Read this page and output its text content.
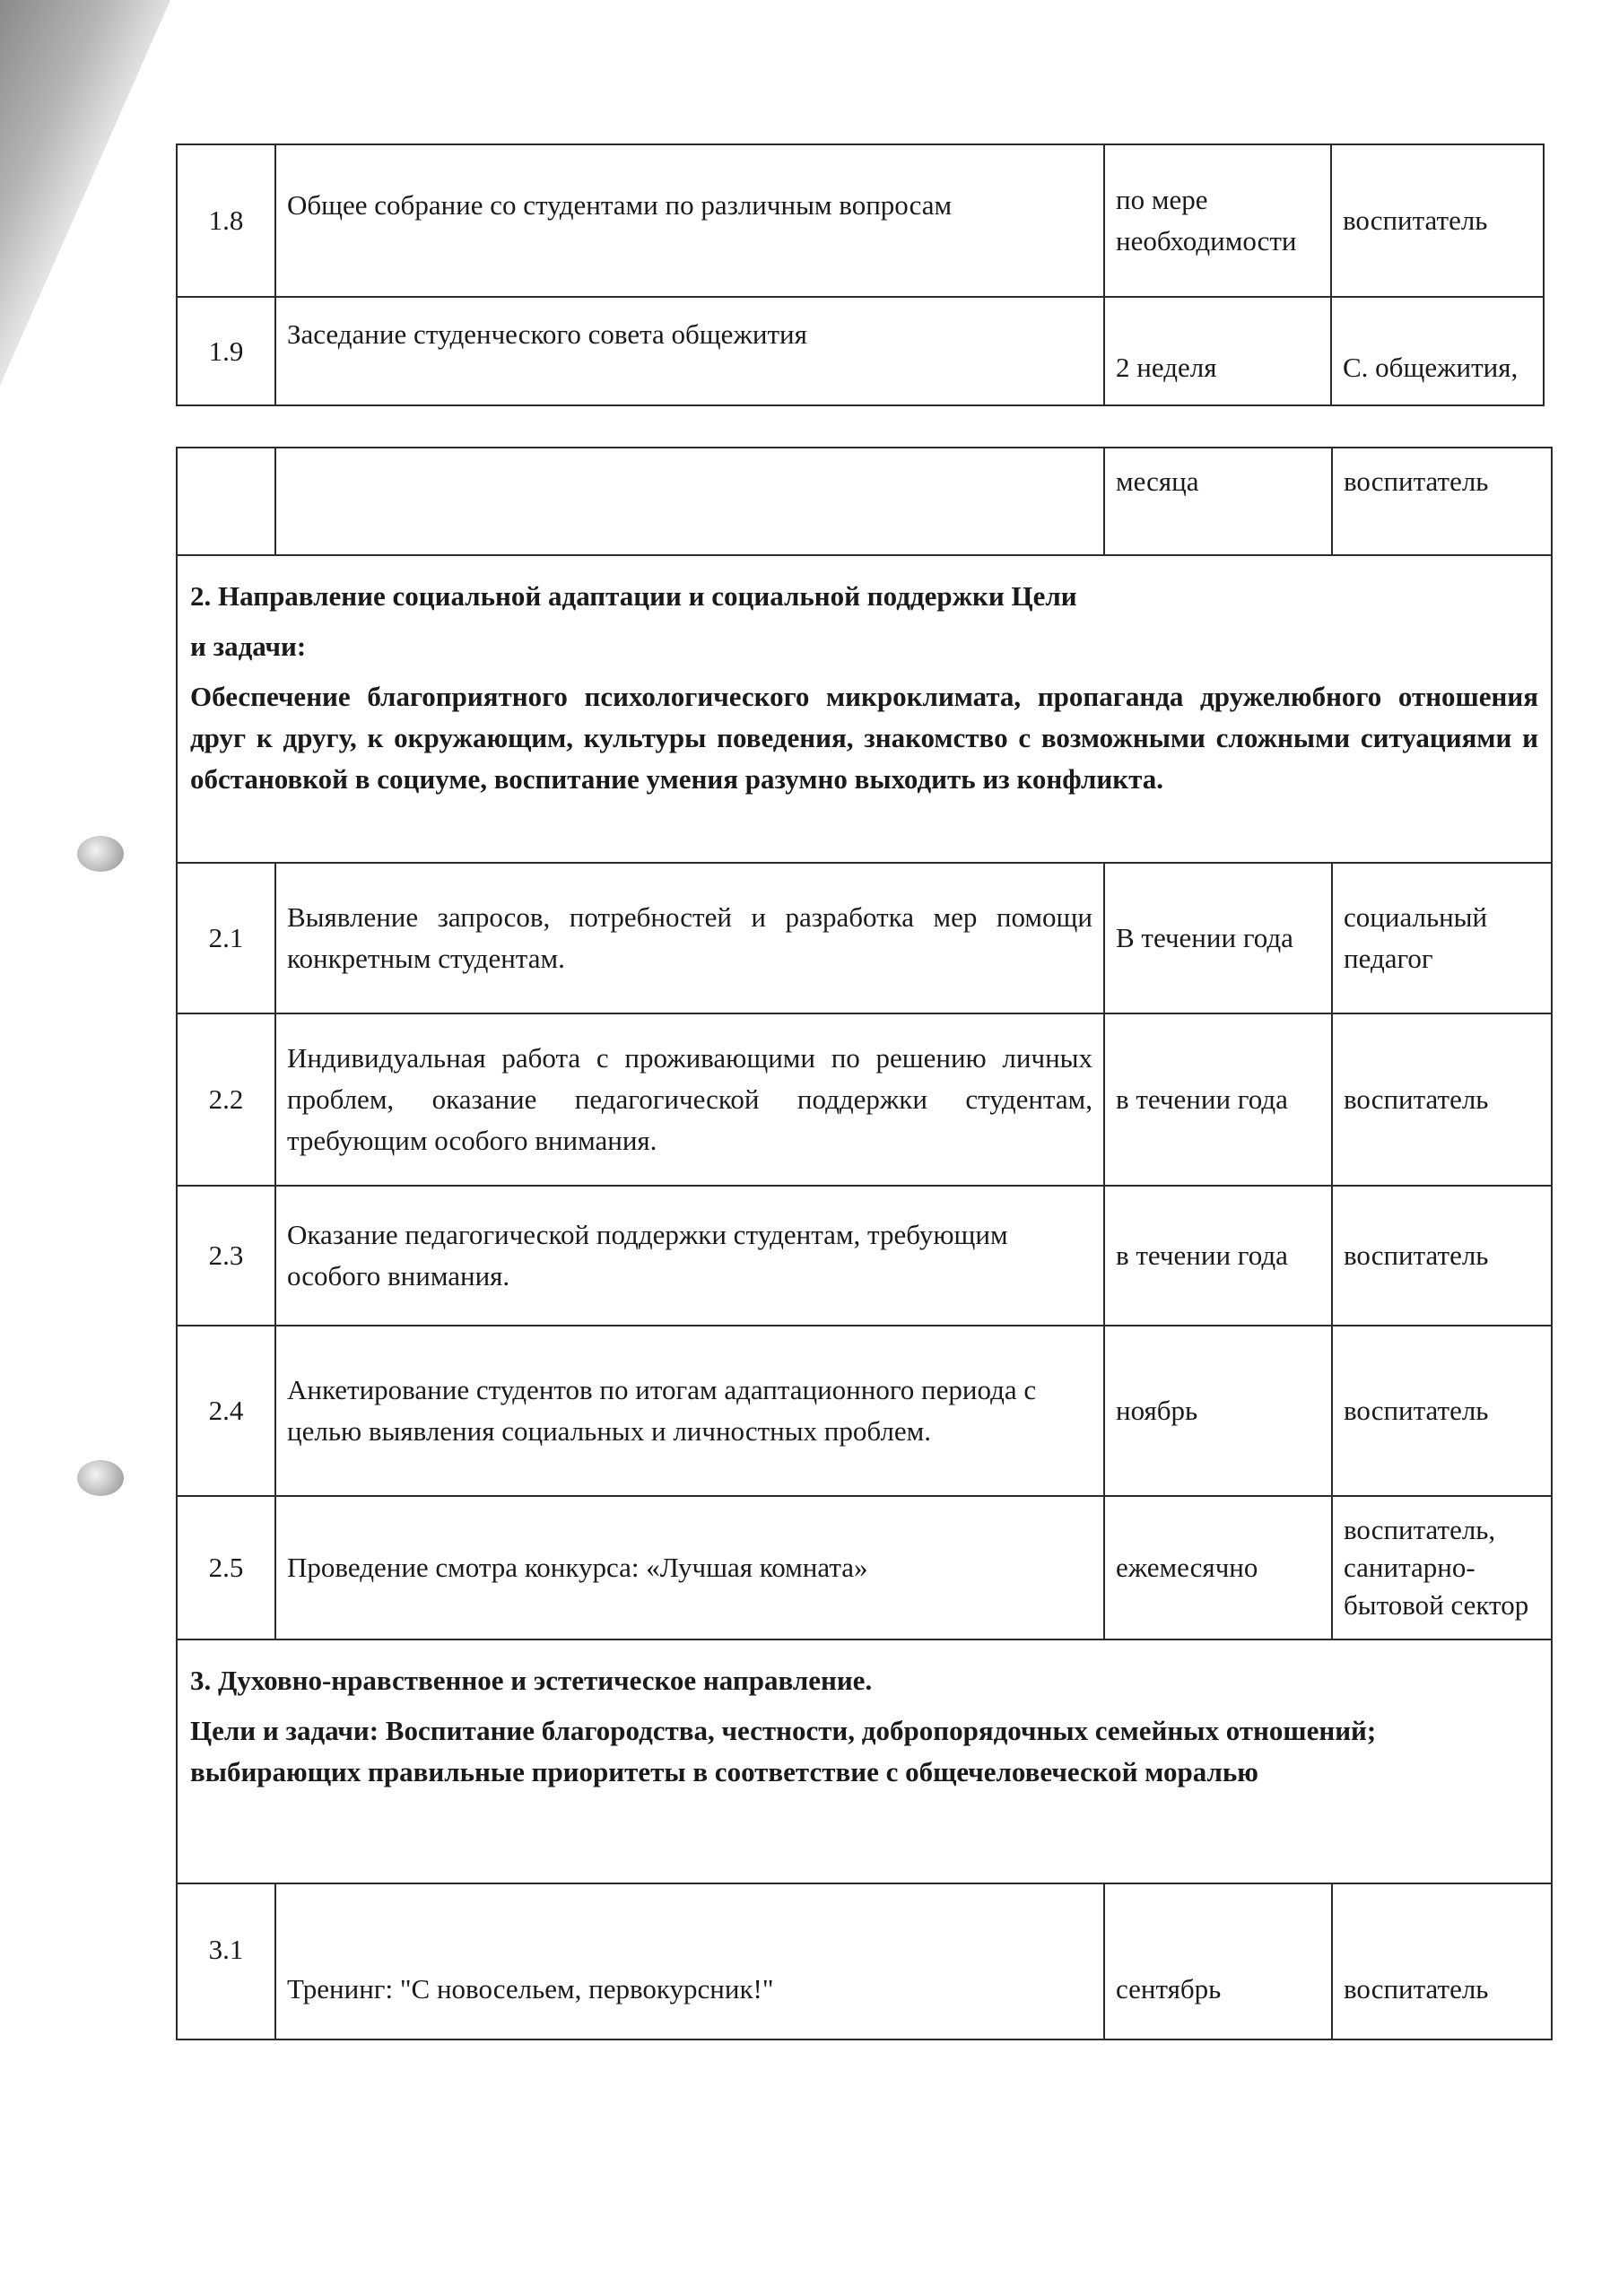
1.8	Общее собрание со студентами по различным вопросам	по мере необходимости	воспитатель
1.9	Заседание студенческого совета общежития	2 неделя	С. общежития,
		месяца	воспитатель

2. Направление социальной адаптации и социальной поддержки Цели

и задачи:

Обеспечение благоприятного психологического микроклимата, пропаганда дружелюбного отношения друг к другу, к окружающим, культуры поведения, знакомство с возможными сложными ситуациями и обстановкой в социуме, воспитание умения разумно выходить из конфликта.			

2.1	Выявление запросов, потребностей и разработка мер помощи конкретным студентам.	В течении года	социальный педагог
2.2	Индивидуальная работа с проживающими по решению личных проблем, оказание педагогической поддержки студентам, требующим особого внимания.	в течении года	воспитатель
2.3	Оказание педагогической поддержки студентам, требующим особого внимания.	в течении года	воспитатель
2.4	Анкетирование студентов по итогам адаптационного периода с целью выявления социальных и личностных проблем.	ноябрь	воспитатель
2.5	Проведение смотра конкурса: «Лучшая комната»	ежемесячно	воспитатель, санитарно-бытовой сектор

3. Духовно-нравственное и эстетическое направление.

Цели и задачи: Воспитание благородства, честности, добропорядочных семейных отношений; выбирающих правильные приоритеты в соответствие с общечеловеческой моралью			

3.1	Тренинг: "С новосельем, первокурсник!"	сентябрь	воспитатель
